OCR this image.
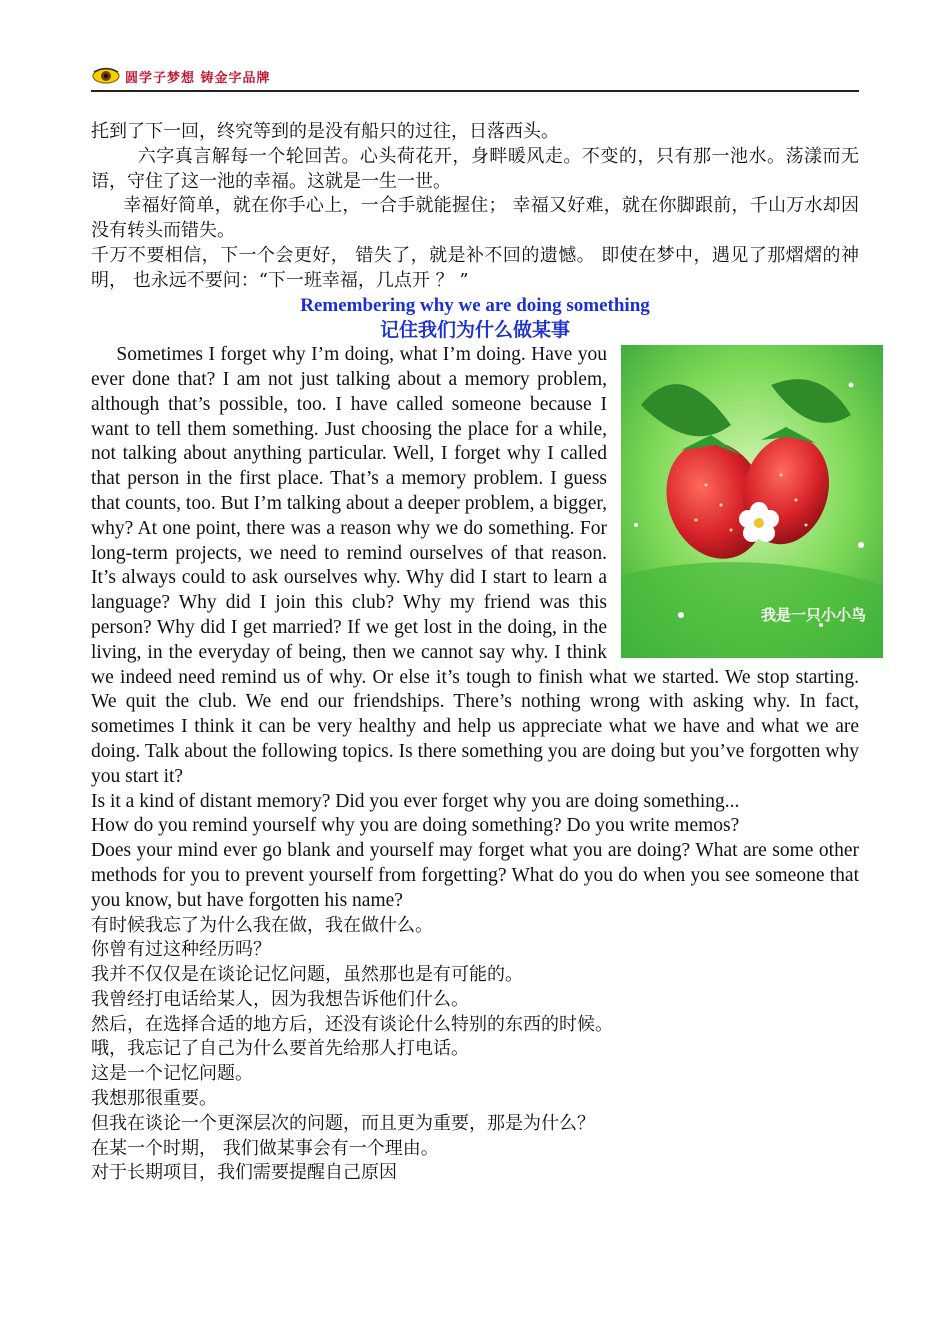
圆学子梦想 铸金字品牌

托到了下一回，终究等到的是没有船只的过往，日落西头。

六字真言解每一个轮回苦。心头荷花开，身畔暖风走。不变的，只有那一池水。荡漾而无语，守住了这一池的幸福。这就是一生一世。

幸福好简单，就在你手心上，一合手就能握住； 幸福又好难，就在你脚跟前，千山万水却因没有转头而错失。

千万不要相信，下一个会更好， 错失了，就是补不回的遗憾。 即使在梦中，遇见了那熠熠的神明， 也永远不要问：“下一班幸福，几点开 ？ ”

Remembering why we are doing something

记住我们为什么做某事

我是一只小小鸟

Sometimes I forget why I’m doing, what I’m doing. Have you ever done that? I am not just talking about a memory problem, although that’s possible, too. I have called someone because I want to tell them something. Just choosing the place for a while, not talking about anything particular. Well, I forget why I called that person in the first place. That’s a memory problem. I guess that counts, too. But I’m talking about a deeper problem, a bigger, why? At one point, there was a reason why we do something. For long-term projects, we need to remind ourselves of that reason. It’s always could to ask ourselves why. Why did I start to learn a language? Why did I join this club? Why my friend was this person? Why did I get married? If we get lost in the doing, in the living, in the everyday of being, then we cannot say why. I think we indeed need remind us of why. Or else it’s tough to finish what we started. We stop starting. We quit the club. We end our friendships. There’s nothing wrong with asking why. In fact, sometimes I think it can be very healthy and help us appreciate what we have and what we are doing. Talk about the following topics. Is there something you are doing but you’ve forgotten why you start it?

Is it a kind of distant memory? Did you ever forget why you are doing something...

How do you remind yourself why you are doing something? Do you write memos?

Does your mind ever go blank and yourself may forget what you are doing? What are some other methods for you to prevent yourself from forgetting? What do you do when you see someone that you know, but have forgotten his name?

有时候我忘了为什么我在做，我在做什么。

你曾有过这种经历吗？

我并不仅仅是在谈论记忆问题，虽然那也是有可能的。

我曾经打电话给某人，因为我想告诉他们什么。

然后，在选择合适的地方后，还没有谈论什么特别的东西的时候。

哦，我忘记了自己为什么要首先给那人打电话。

这是一个记忆问题。

我想那很重要。

但我在谈论一个更深层次的问题，而且更为重要，那是为什么？

在某一个时期， 我们做某事会有一个理由。

对于长期项目，我们需要提醒自己原因
